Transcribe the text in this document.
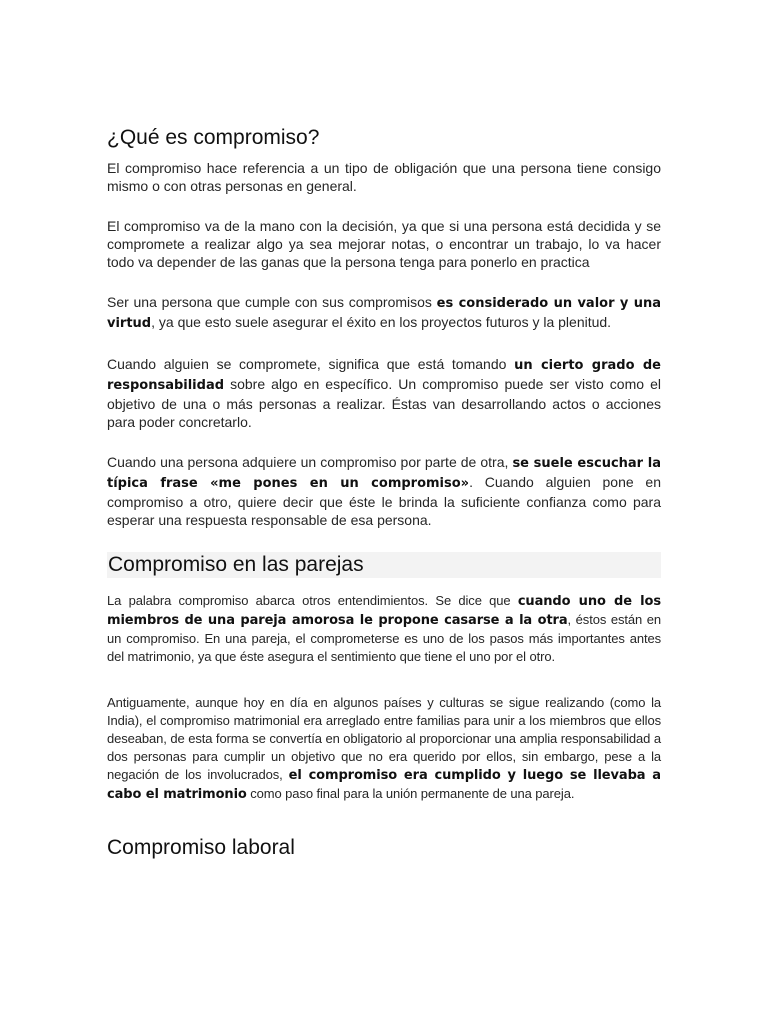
¿Qué es compromiso?

El compromiso hace referencia a un tipo de obligación que una persona tiene consigo mismo o con otras personas en general.

El compromiso va de la mano con la decisión, ya que si una persona está decidida y se compromete a realizar algo ya sea mejorar notas, o encontrar un trabajo, lo va hacer todo va depender de las ganas que la persona tenga para ponerlo en practica

Ser una persona que cumple con sus compromisos es considerado un valor y una virtud, ya que esto suele asegurar el éxito en los proyectos futuros y la plenitud.

Cuando alguien se compromete, significa que está tomando un cierto grado de responsabilidad sobre algo en específico. Un compromiso puede ser visto como el objetivo de una o más personas a realizar. Éstas van desarrollando actos o acciones para poder concretarlo.

Cuando una persona adquiere un compromiso por parte de otra, se suele escuchar la típica frase «me pones en un compromiso». Cuando alguien pone en compromiso a otro, quiere decir que éste le brinda la suficiente confianza como para esperar una respuesta responsable de esa persona.

Compromiso en las parejas

La palabra compromiso abarca otros entendimientos. Se dice que cuando uno de los miembros de una pareja amorosa le propone casarse a la otra, éstos están en un compromiso. En una pareja, el comprometerse es uno de los pasos más importantes antes del matrimonio, ya que éste asegura el sentimiento que tiene el uno por el otro.

Antiguamente, aunque hoy en día en algunos países y culturas se sigue realizando (como la India), el compromiso matrimonial era arreglado entre familias para unir a los miembros que ellos deseaban, de esta forma se convertía en obligatorio al proporcionar una amplia responsabilidad a dos personas para cumplir un objetivo que no era querido por ellos, sin embargo, pese a la negación de los involucrados, el compromiso era cumplido y luego se llevaba a cabo el matrimonio como paso final para la unión permanente de una pareja.

Compromiso laboral
